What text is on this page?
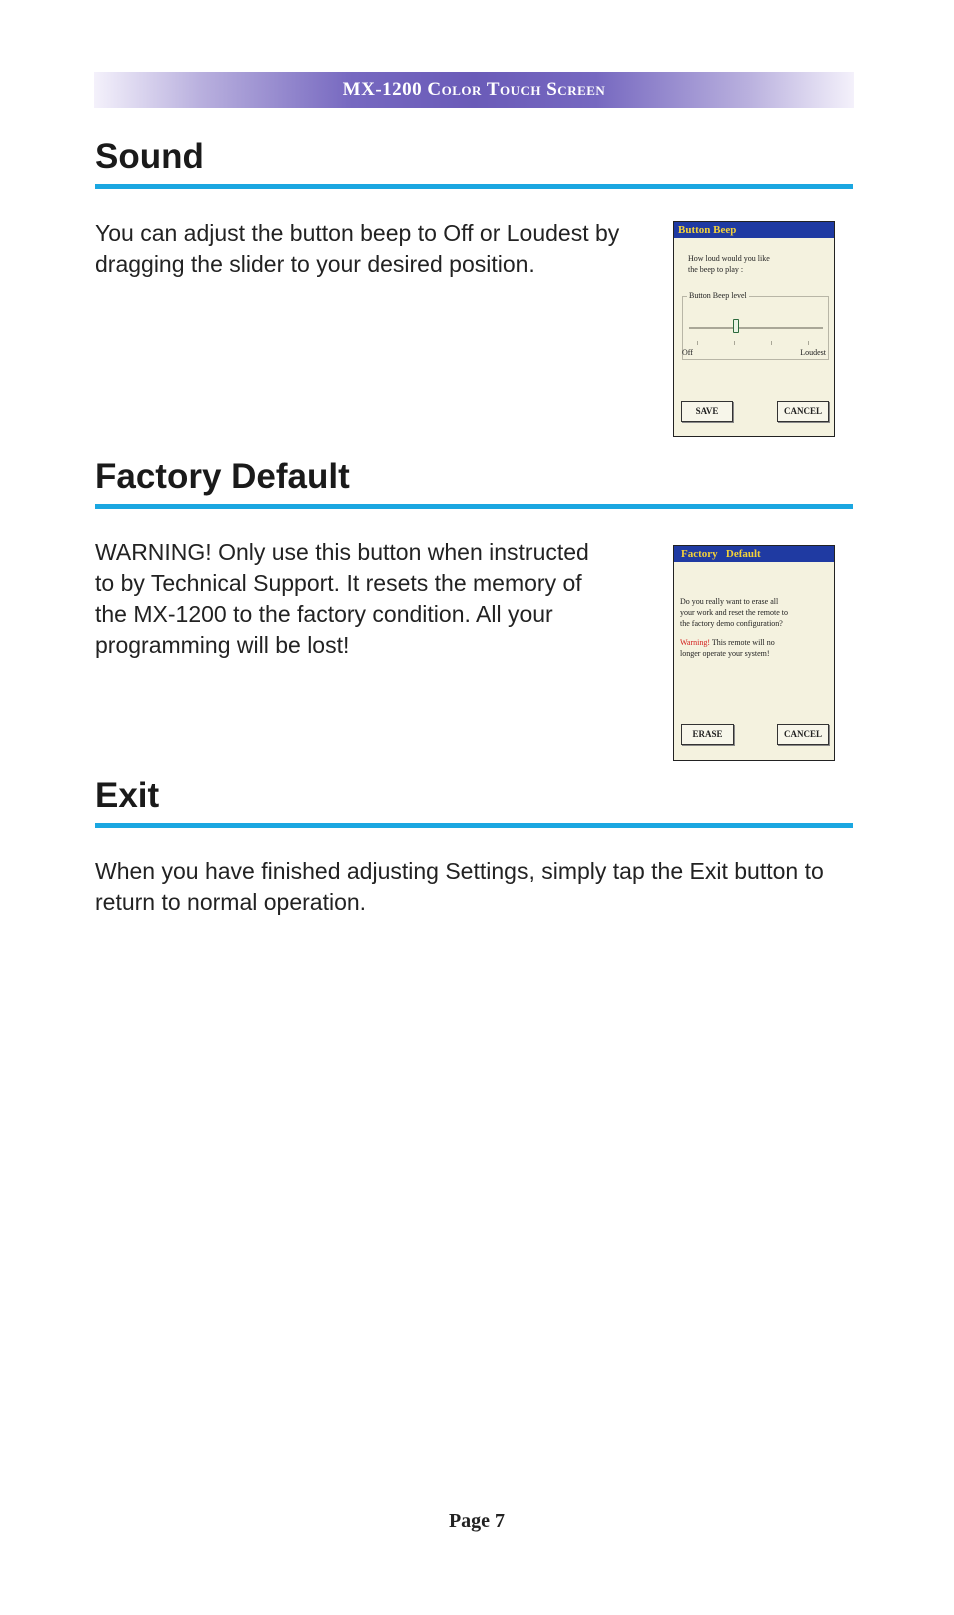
MX-1200 Color Touch Screen
Sound

You can adjust the button beep to Off or Loudest by
dragging the slider to your desired position.

Button Beep

How loud would you like
the beep to play :

Button Beep level
Off	Loudest
SAVE	CANCEL
Factory Default

WARNING! Only use this button when instructed
to by Technical Support. It resets the memory of
the MX-1200 to the factory condition. All your
programming will be lost!

Factory   Default

Do you really want to erase all
your work and reset the remote to
the factory demo configuration?

Warning! This remote will no
longer operate your system!

ERASE	CANCEL
Exit

When you have finished adjusting Settings, simply tap the Exit button to
return to normal operation.

Page 7
